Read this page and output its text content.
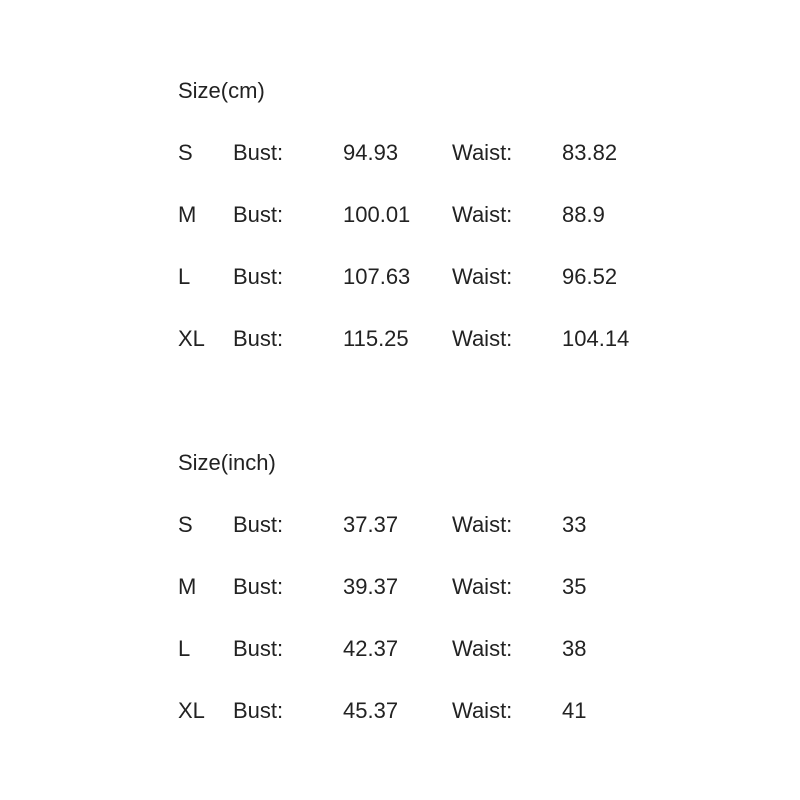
Size(cm)
S Bust:	94.93 Waist: 83.82
M Bust:	100.01 Waist: 88.9
L Bust:	107.63 Waist: 96.52
XL Bust:	115.25 Waist: 104.14
Size(inch)
S Bust:	37.37 Waist: 33
M Bust:	39.37 Waist: 35
L Bust:	42.37 Waist: 38
XL Bust:	45.37 Waist: 41
